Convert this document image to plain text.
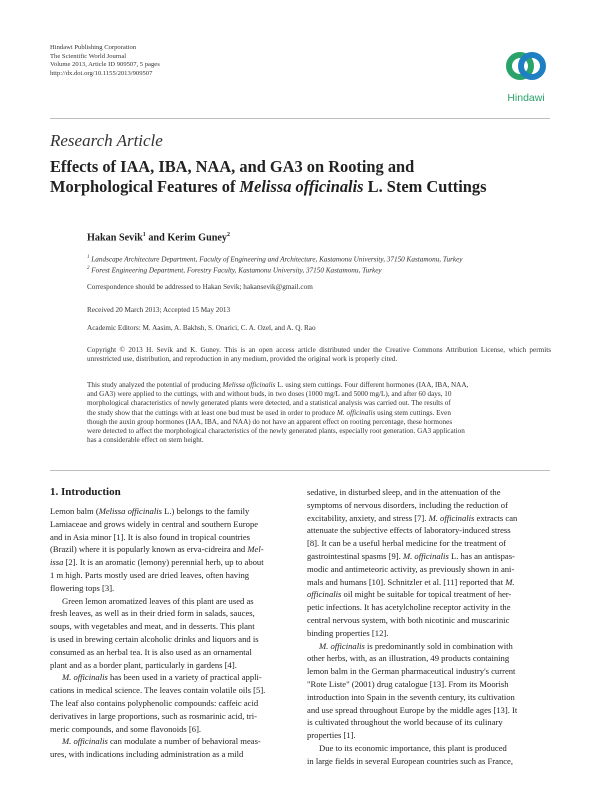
Hindawi Publishing Corporation
The Scientific World Journal
Volume 2013, Article ID 909507, 5 pages
http://dx.doi.org/10.1155/2013/909507
Hindawi
Research Article
Effects of IAA, IBA, NAA, and GA3 on Rooting and
Morphological Features of Melissa officinalis L. Stem Cuttings
Hakan Sevik$^1$ and Kerim Guney$^2$
$^1$ Landscape Architecture Department, Faculty of Engineering and Architecture, Kastamonu University, 37150 Kastamonu, Turkey
$^2$ Forest Engineering Department, Forestry Faculty, Kastamonu University, 37150 Kastamonu, Turkey
Correspondence should be addressed to Hakan Sevik; hakansevik@gmail.com
Received 20 March 2013; Accepted 15 May 2013
Academic Editors: M. Aasim, A. Bakhsh, S. Onarici, C. A. Ozel, and A. Q. Rao
Copyright © 2013 H. Sevik and K. Guney. This is an open access article distributed under the Creative Commons Attribution License, which permits unrestricted use, distribution, and reproduction in any medium, provided the original work is properly cited.
This study analyzed the potential of producing Melissa officinalis L. using stem cuttings. Four different hormones (IAA, IBA, NAA,
and GA3) were applied to the cuttings, with and without buds, in two doses (1000 mg/L and 5000 mg/L), and after 60 days, 10
morphological characteristics of newly generated plants were detected, and a statistical analysis was carried out. The results of
the study show that the cuttings with at least one bud must be used in order to produce M. officinalis using stem cuttings. Even
though the auxin group hormones (IAA, IBA, and NAA) do not have an apparent effect on rooting percentage, these hormones
were detected to affect the morphological characteristics of the newly generated plants, especially root generation. GA3 application
has a considerable effect on stem height.
1. Introduction
Lemon balm (Melissa officinalis L.) belongs to the family
Lamiaceae and grows widely in central and southern Europe
and in Asia minor [1]. It is also found in tropical countries
(Brazil) where it is popularly known as erva-cidreira and Mel-
issa [2]. It is an aromatic (lemony) perennial herb, up to about
1 m high. Parts mostly used are dried leaves, often having
flowering tops [3].
Green lemon aromatized leaves of this plant are used as
fresh leaves, as well as in their dried form in salads, sauces,
soups, with vegetables and meat, and in desserts. This plant
is used in brewing certain alcoholic drinks and liquors and is
consumed as an herbal tea. It is also used as an ornamental
plant and as a border plant, particularly in gardens [4].
M. officinalis has been used in a variety of practical appli-
cations in medical science. The leaves contain volatile oils [5].
The leaf also contains polyphenolic compounds: caffeic acid
derivatives in large proportions, such as rosmarinic acid, tri-
meric compounds, and some flavonoids [6].
M. officinalis can modulate a number of behavioral meas-
ures, with indications including administration as a mild
sedative, in disturbed sleep, and in the attenuation of the
symptoms of nervous disorders, including the reduction of
excitability, anxiety, and stress [7]. M. officinalis extracts can
attenuate the subjective effects of laboratory-induced stress
[8]. It can be a useful herbal medicine for the treatment of
gastrointestinal spasms [9]. M. officinalis L. has an antispas-
modic and antimeteoric activity, as previously shown in ani-
mals and humans [10]. Schnitzler et al. [11] reported that M.
officinalis oil might be suitable for topical treatment of her-
petic infections. It has acetylcholine receptor activity in the
central nervous system, with both nicotinic and muscarinic
binding properties [12].
M. officinalis is predominantly sold in combination with
other herbs, with, as an illustration, 49 products containing
lemon balm in the German pharmaceutical industry's current
"Rote Liste" (2001) drug catalogue [13]. From its Moorish
introduction into Spain in the seventh century, its cultivation
and use spread throughout Europe by the middle ages [13]. It
is cultivated throughout the world because of its culinary
properties [1].
Due to its economic importance, this plant is produced
in large fields in several European countries such as France,
